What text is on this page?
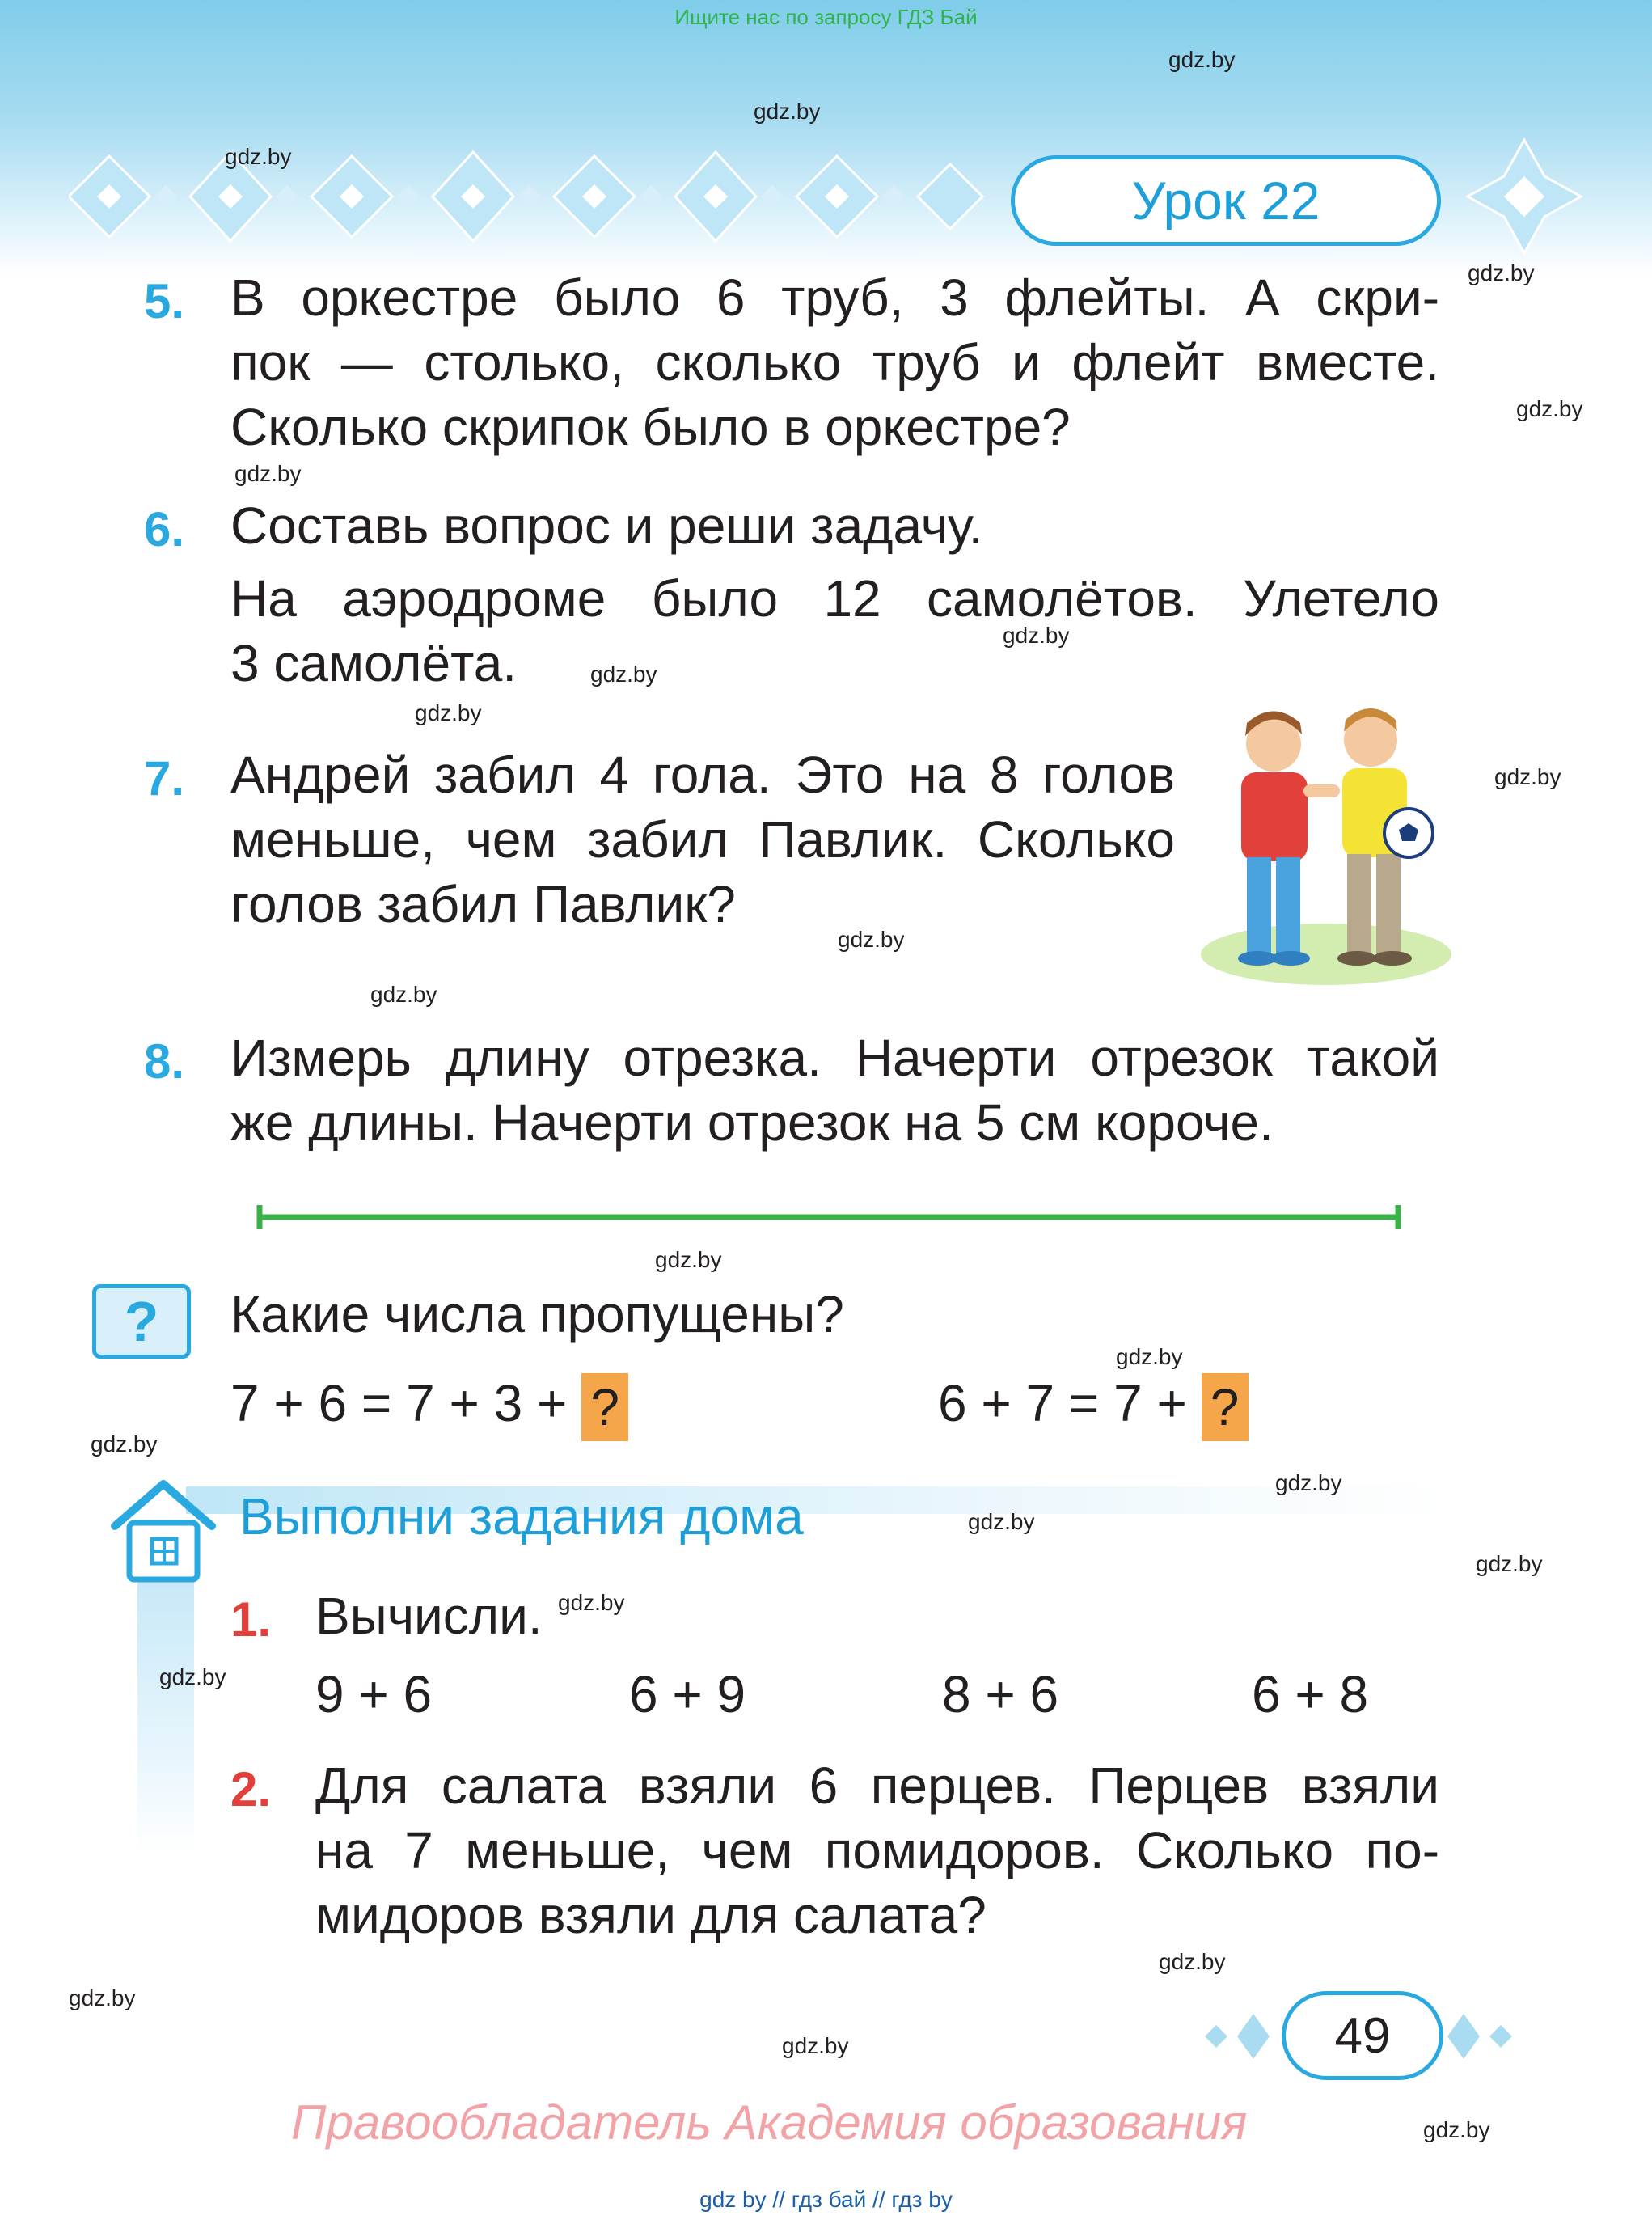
Ищите нас по запросу ГДЗ Бай
Урок 22
5. В оркестре было 6 труб, 3 флейты. А скри-
пок — столько, сколько труб и флейт вместе.
Сколько скрипок было в оркестре?
6. Составь вопрос и реши задачу.
На аэродроме было 12 самолётов. Улетело
3 самолёта.
7. Андрей забил 4 гола. Это на 8 голов
меньше, чем забил Павлик. Сколько
голов забил Павлик?
8. Измерь длину отрезка. Начерти отрезок такой
же длины. Начерти отрезок на 5 см короче.
?	Какие числа пропущены?
7 + 6 = 7 + 3 + ?	6 + 7 = 7 + ?
Выполни задания дома
1. Вычисли.
9 + 6	6 + 9	8 + 6	6 + 8
2. Для салата взяли 6 перцев. Перцев взяли
на 7 меньше, чем помидоров. Сколько по-
мидоров взяли для салата?
49
Правообладатель Академия образования
gdz by // гдз бай // гдз by
gdz.by
gdz.by
gdz.by
gdz.by
gdz.by
gdz.by
gdz.by
gdz.by
gdz.by
gdz.by
gdz.by
gdz.by
gdz.by
gdz.by
gdz.by
gdz.by
gdz.by
gdz.by
gdz.by
gdz.by
gdz.by
gdz.by
gdz.by
gdz.by
